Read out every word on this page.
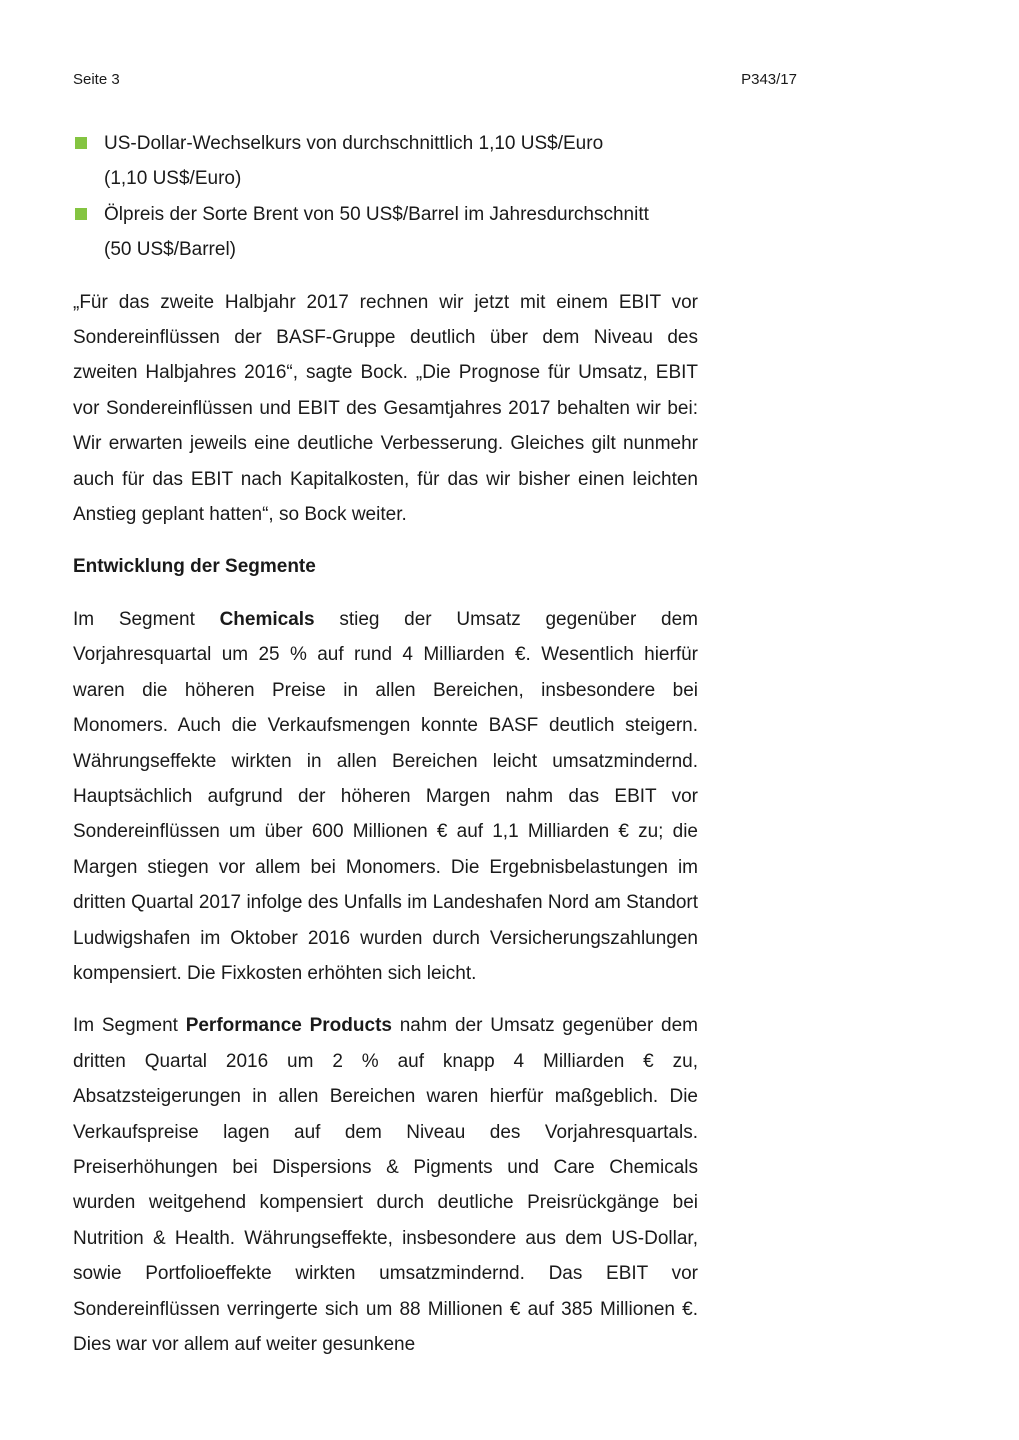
Seite 3	P343/17
US-Dollar-Wechselkurs von durchschnittlich 1,10 US$/Euro
(1,10 US$/Euro)
Ölpreis der Sorte Brent von 50 US$/Barrel im Jahresdurchschnitt
(50 US$/Barrel)

„Für das zweite Halbjahr 2017 rechnen wir jetzt mit einem EBIT vor Sondereinflüssen der BASF-Gruppe deutlich über dem Niveau des zweiten Halbjahres 2016“, sagte Bock. „Die Prognose für Umsatz, EBIT vor Sondereinflüssen und EBIT des Gesamtjahres 2017 behalten wir bei: Wir erwarten jeweils eine deutliche Verbesserung. Gleiches gilt nunmehr auch für das EBIT nach Kapitalkosten, für das wir bisher einen leichten Anstieg geplant hatten“, so Bock weiter.

Entwicklung der Segmente

Im Segment Chemicals stieg der Umsatz gegenüber dem Vorjahresquartal um 25 % auf rund 4 Milliarden €. Wesentlich hierfür waren die höheren Preise in allen Bereichen, insbesondere bei Monomers. Auch die Verkaufsmengen konnte BASF deutlich steigern. Währungseffekte wirkten in allen Bereichen leicht umsatzmindernd. Hauptsächlich aufgrund der höheren Margen nahm das EBIT vor Sondereinflüssen um über 600 Millionen € auf 1,1 Milliarden € zu; die Margen stiegen vor allem bei Monomers. Die Ergebnisbelastungen im dritten Quartal 2017 infolge des Unfalls im Landeshafen Nord am Standort Ludwigshafen im Oktober 2016 wurden durch Versicherungszahlungen kompensiert. Die Fixkosten erhöhten sich leicht.

Im Segment Performance Products nahm der Umsatz gegenüber dem dritten Quartal 2016 um 2 % auf knapp 4 Milliarden € zu, Absatzsteigerungen in allen Bereichen waren hierfür maßgeblich. Die Verkaufspreise lagen auf dem Niveau des Vorjahresquartals. Preiserhöhungen bei Dispersions & Pigments und Care Chemicals wurden weitgehend kompensiert durch deutliche Preisrückgänge bei Nutrition & Health. Währungseffekte, insbesondere aus dem US-Dollar, sowie Portfolioeffekte wirkten umsatzmindernd. Das EBIT vor Sondereinflüssen verringerte sich um 88 Millionen € auf 385 Millionen €. Dies war vor allem auf weiter gesunkene
